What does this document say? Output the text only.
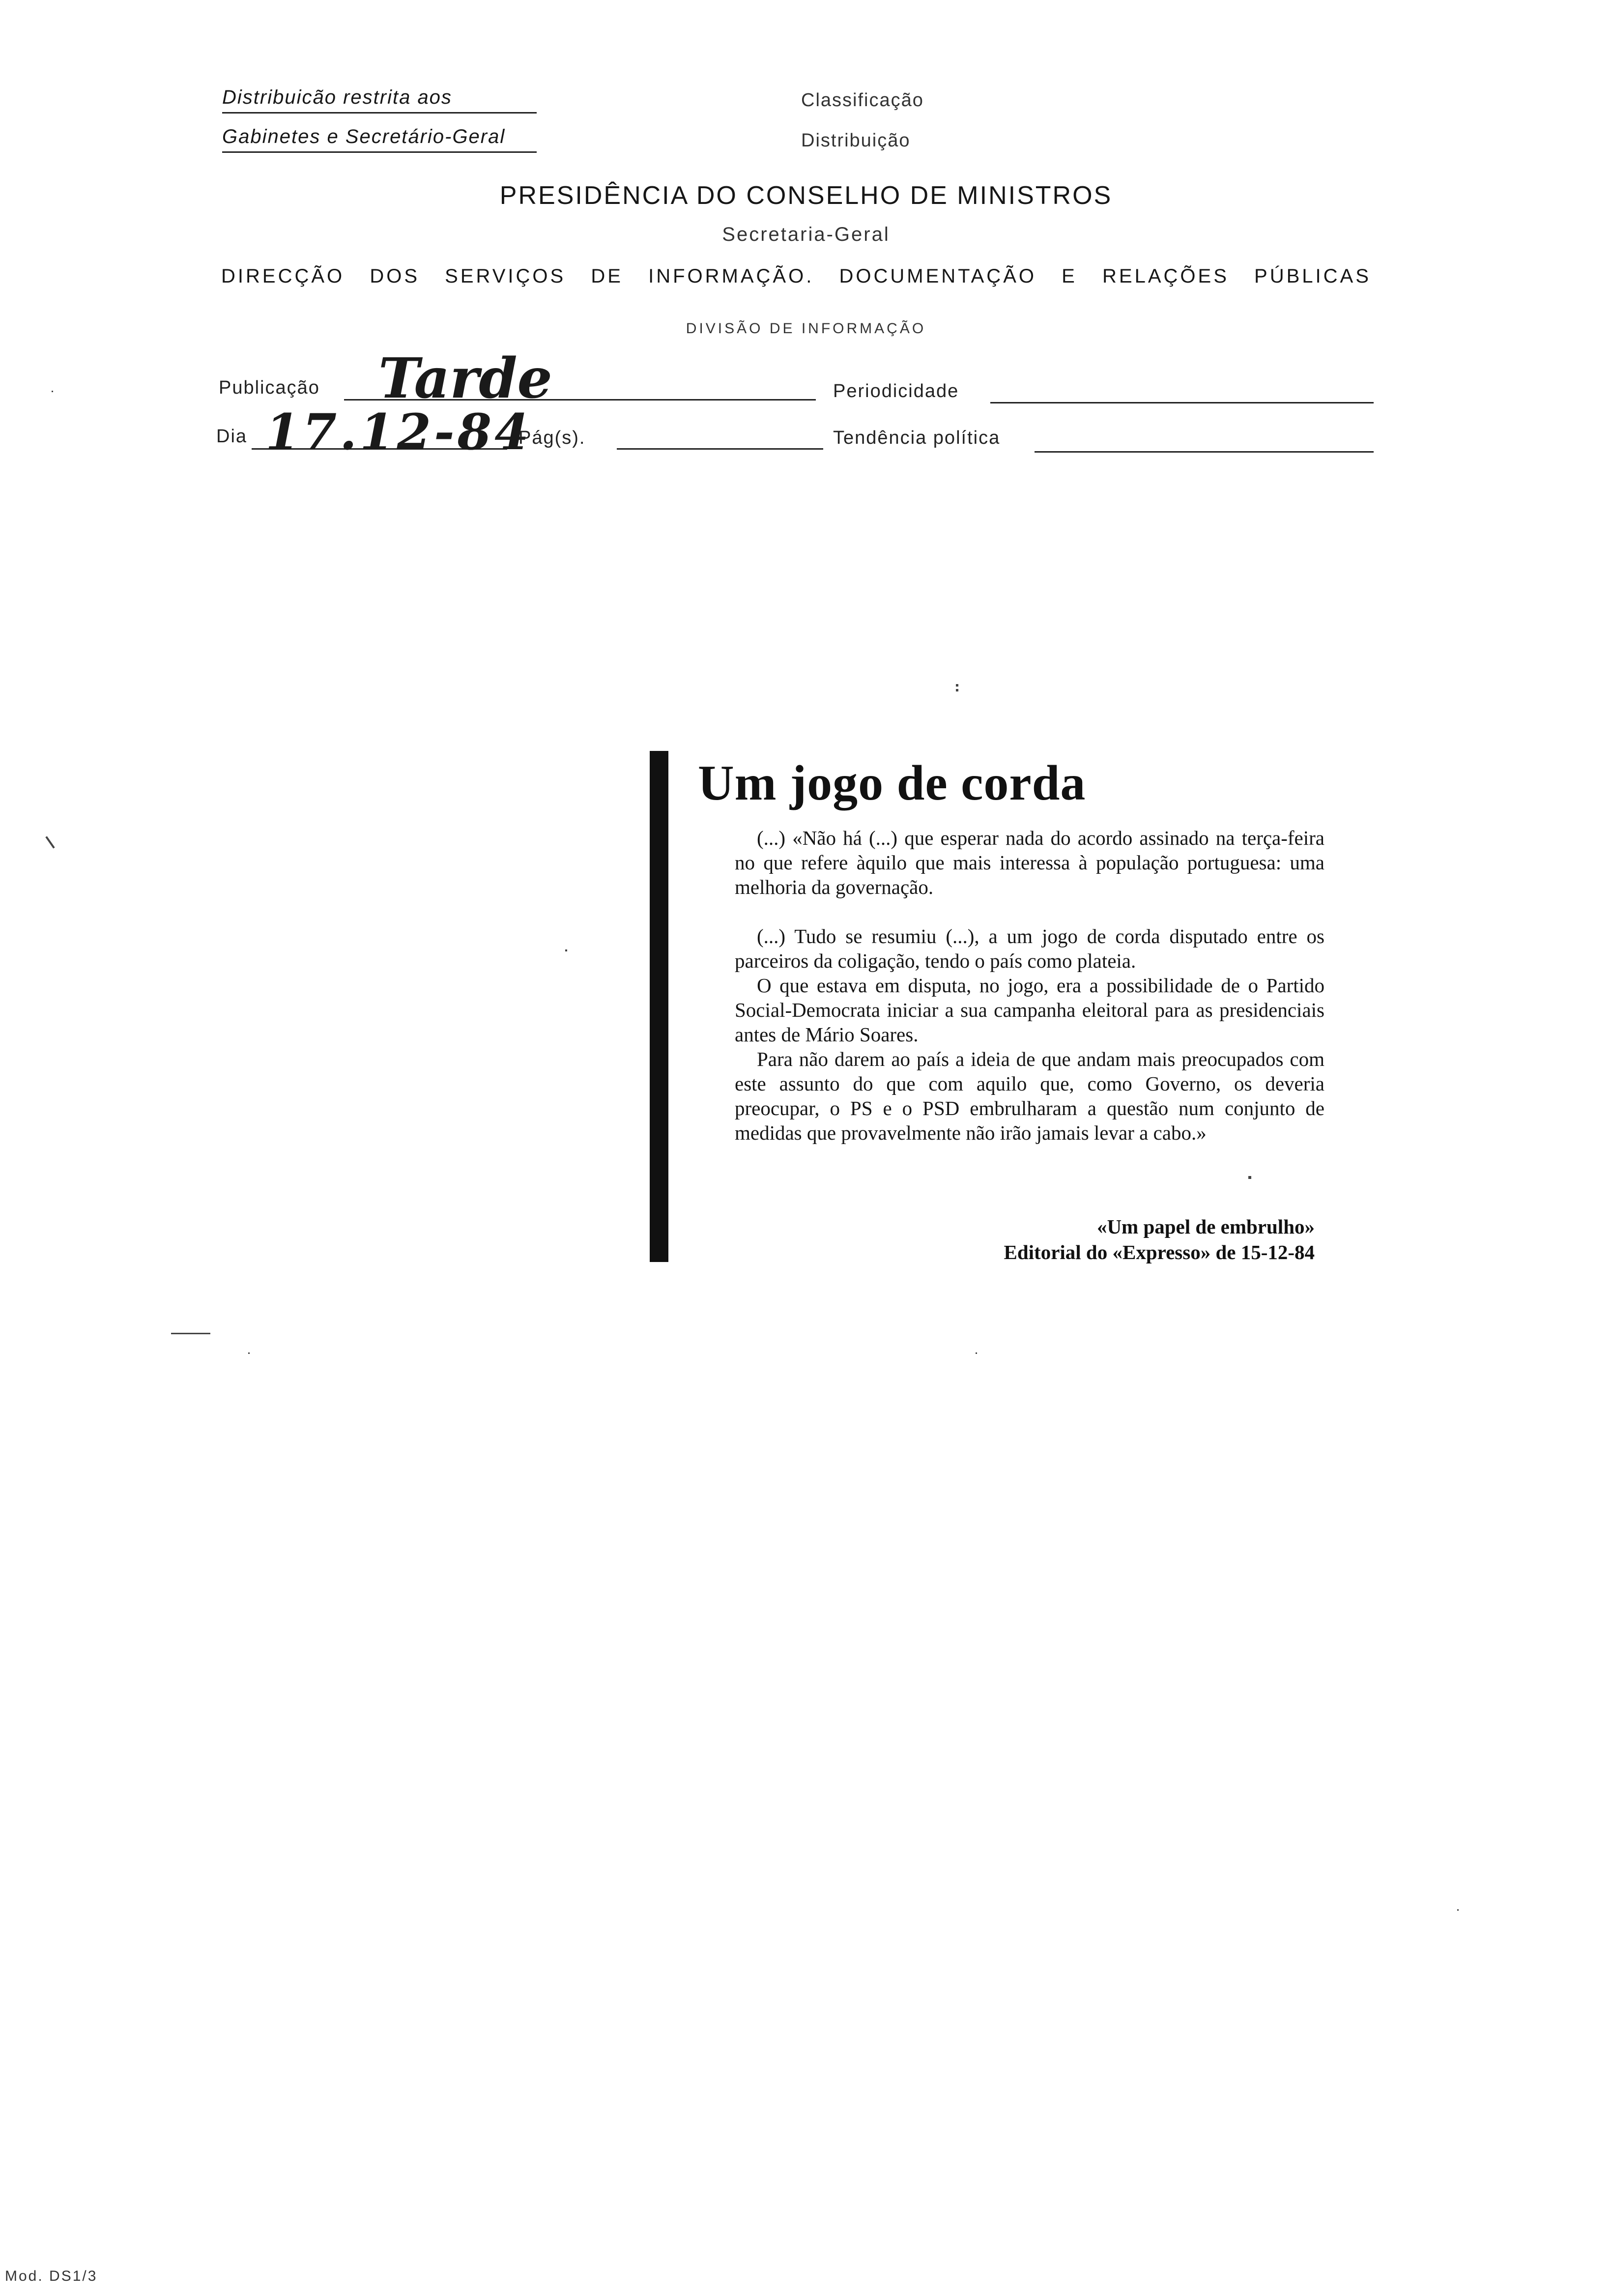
Distribuicão restrita aos
Gabinetes e Secretário-Geral
Classificação
Distribuição
PRESIDÊNCIA DO CONSELHO DE MINISTROS
Secretaria-Geral
DIRECÇÃO DOS SERVIÇOS DE INFORMAÇÃO. DOCUMENTAÇÃO E RELAÇÕES PÚBLICAS
DIVISÃO DE INFORMAÇÃO
Publicação Tarde	Periodicidade
Dia 17.12-84
Pág(s).	Tendência política
Um jogo de corda

(...) «Não há (...) que esperar nada do acordo assinado na terça-feira no que refere àquilo que mais interessa à população portuguesa: uma melhoria da governação.

(...) Tudo se resumiu (...), a um jogo de corda disputado entre os parceiros da coligação, tendo o país como plateia.

O que estava em disputa, no jogo, era a possibilidade de o Partido Social-Democrata iniciar a sua campanha eleitoral para as presidenciais antes de Mário Soares.

Para não darem ao país a ideia de que andam mais preocupados com este assunto do que com aquilo que, como Governo, os deveria preocupar, o PS e o PSD embrulharam a questão num conjunto de medidas que provavelmente não irão jamais levar a cabo.»

«Um papel de embrulho»
Editorial do «Expresso» de 15-12-84
Mod. DS1/3
